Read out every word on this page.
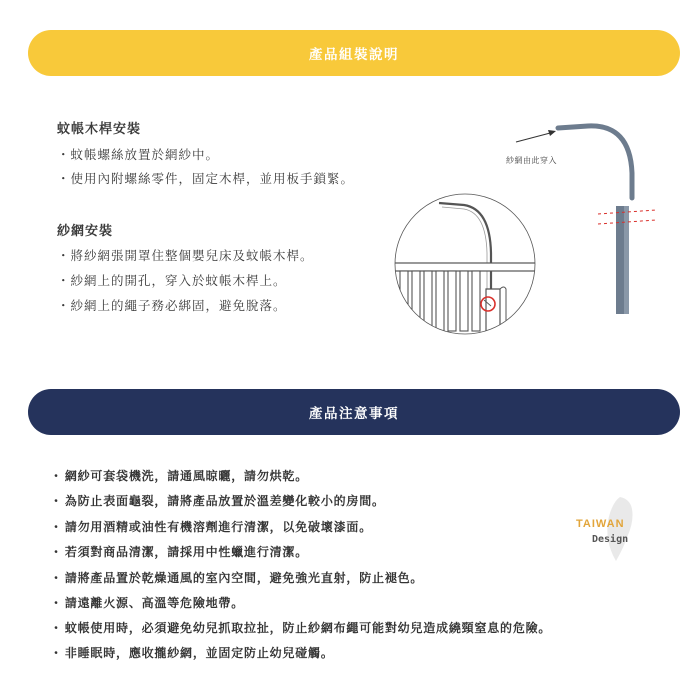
產品組裝說明
蚊帳木桿安裝
・蚊帳螺絲放置於網紗中。
・使用內附螺絲零件，固定木桿，並用板手鎖緊。
紗網安裝
・將紗網張開罩住整個嬰兒床及蚊帳木桿。
・紗網上的開孔，穿入於蚊帳木桿上。
・紗網上的繩子務必綁固，避免脫落。
紗網由此穿入
產品注意事項
・ 網紗可套袋機洗，請通風晾曬，請勿烘乾。
・ 為防止表面龜裂，請將產品放置於溫差變化較小的房間。
・ 請勿用酒精或油性有機溶劑進行清潔，以免破壞漆面。
・ 若須對商品清潔，請採用中性蠟進行清潔。
・ 請將產品置於乾燥通風的室內空間，避免強光直射，防止褪色。
・ 請遠離火源、高溫等危險地帶。
・ 蚊帳使用時，必須避免幼兒抓取拉扯，防止紗網布繩可能對幼兒造成繞頸窒息的危險。
・ 非睡眠時，應收攏紗網，並固定防止幼兒碰觸。
TAIWAN
Design
